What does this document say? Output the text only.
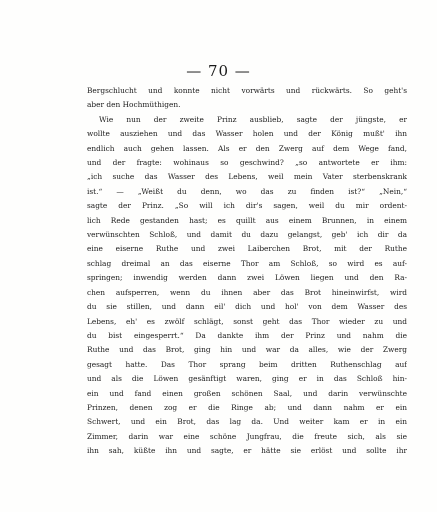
— 70 —
Bergschlucht und konnte nicht vorwärts und rückwärts. So geht's
aber den Hochmüthigen.
Wie nun der zweite Prinz ausblieb, sagte der jüngste, er
wollte ausziehen und das Wasser holen und der König mußt' ihn
endlich auch gehen lassen. Als er den Zwerg auf dem Wege fand,
und der fragte: wohinaus so geschwind? „so antwortete er ihm:
„ich suche das Wasser des Lebens, weil mein Vater sterbenskrank
ist.“ — „Weißt du denn, wo das zu finden ist?“ „Nein,“
sagte der Prinz. „So will ich dir's sagen, weil du mir ordent-
lich Rede gestanden hast; es quillt aus einem Brunnen, in einem
verwünschten Schloß, und damit du dazu gelangst, geb' ich dir da
eine eiserne Ruthe und zwei Laiberchen Brot, mit der Ruthe
schlag dreimal an das eiserne Thor am Schloß, so wird es auf-
springen; inwendig werden dann zwei Löwen liegen und den Ra-
chen aufsperren, wenn du ihnen aber das Brot hineinwirfst, wird
du sie stillen, und dann eil' dich und hol' von dem Wasser des
Lebens, eh' es zwölf schlägt, sonst geht das Thor wieder zu und
du bist eingesperrt.“ Da dankte ihm der Prinz und nahm die
Ruthe und das Brot, ging hin und war da alles, wie der Zwerg
gesagt hatte. Das Thor sprang beim dritten Ruthenschlag auf
und als die Löwen gesänftigt waren, ging er in das Schloß hin-
ein und fand einen großen schönen Saal, und darin verwünschte
Prinzen, denen zog er die Ringe ab; und dann nahm er ein
Schwert, und ein Brot, das lag da. Und weiter kam er in ein
Zimmer, darin war eine schöne Jungfrau, die freute sich, als sie
ihn sah, küßte ihn und sagte, er hätte sie erlöst und sollte ihr
